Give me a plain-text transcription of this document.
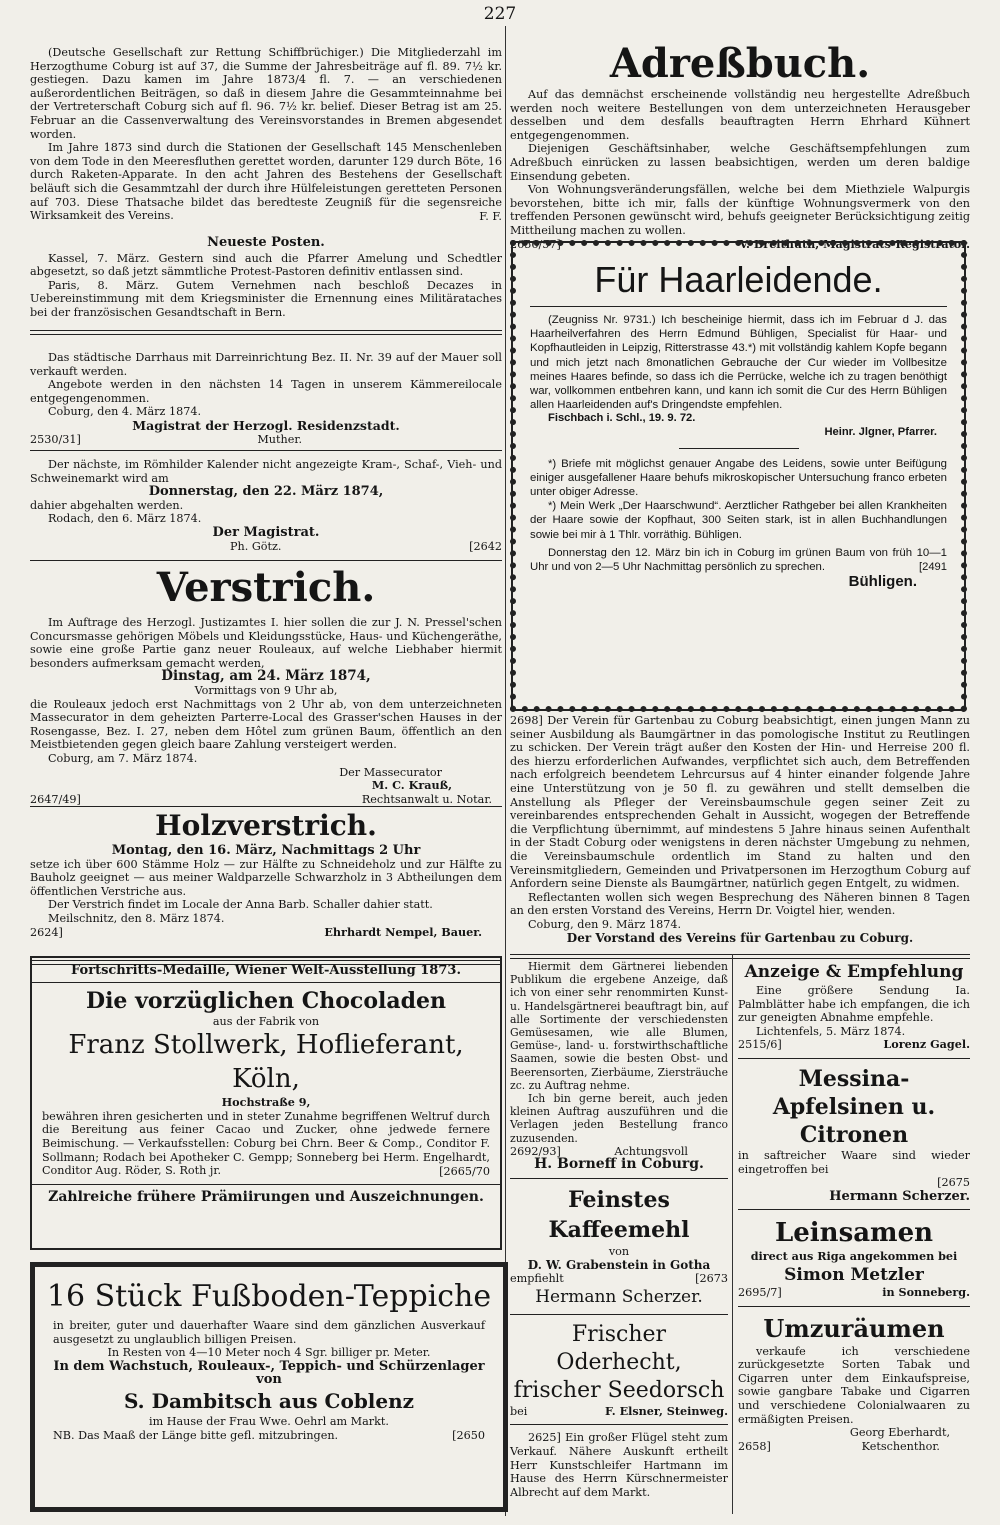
227

(Deutsche Gesellschaft zur Rettung Schiffbrüchiger.) Die Mitgliederzahl im Herzogthume Coburg ist auf 37, die Summe der Jahresbeiträge auf fl. 89. 7½ kr. gestiegen. Dazu kamen im Jahre 1873/4 fl. 7. — an verschiedenen außerordentlichen Beiträgen, so daß in diesem Jahre die Gesammteinnahme bei der Vertreterschaft Coburg sich auf fl. 96. 7½ kr. belief. Dieser Betrag ist am 25. Februar an die Cassenverwaltung des Vereinsvorstandes in Bremen abgesendet worden.

Im Jahre 1873 sind durch die Stationen der Gesellschaft 145 Menschenleben von dem Tode in den Meeresfluthen gerettet worden, darunter 129 durch Böte, 16 durch Raketen-Apparate. In den acht Jahren des Bestehens der Gesellschaft beläuft sich die Gesammtzahl der durch ihre Hülfeleistungen geretteten Personen auf 703. Diese Thatsache bildet das beredteste Zeugniß für die segensreiche Wirksamkeit des Vereins.	F. F.

Neueste Posten.

Kassel, 7. März. Gestern sind auch die Pfarrer Amelung und Schedtler abgesetzt, so daß jetzt sämmtliche Protest-Pastoren definitiv entlassen sind.

Paris, 8. März. Gutem Vernehmen nach beschloß Decazes in Uebereinstimmung mit dem Kriegsminister die Ernennung eines Militärataches bei der französischen Gesandtschaft in Bern.

Das städtische Darrhaus mit Darreinrichtung Bez. II. Nr. 39 auf der Mauer soll verkauft werden.

Angebote werden in den nächsten 14 Tagen in unserem Kämmereilocale entgegengenommen.

Coburg, den 4. März 1874.

Magistrat der Herzogl. Residenzstadt.

2530/31]	Muther.

Der nächste, im Römhilder Kalender nicht angezeigte Kram-, Schaf-, Vieh- und Schweinemarkt wird am

Donnerstag, den 22. März 1874,

dahier abgehalten werden.

Rodach, den 6. März 1874.

Der Magistrat.

Ph. Götz.	[2642

Verstrich.

Im Auftrage des Herzogl. Justizamtes I. hier sollen die zur J. N. Pressel'schen Concursmasse gehörigen Möbels und Kleidungsstücke, Haus- und Küchengeräthe, sowie eine große Partie ganz neuer Rouleaux, auf welche Liebhaber hiermit besonders aufmerksam gemacht werden,

Dinstag, am 24. März 1874,

Vormittags von 9 Uhr ab,

die Rouleaux jedoch erst Nachmittags von 2 Uhr ab, von dem unterzeichneten Massecurator in dem geheizten Parterre-Local des Grasser'schen Hauses in der Rosengasse, Bez. I. 27, neben dem Hôtel zum grünen Baum, öffentlich an den Meistbietenden gegen gleich baare Zahlung versteigert werden.

Coburg, am 7. März 1874.

Der Massecurator

M. C. Krauß,

2647/49]	Rechtsanwalt u. Notar.

Holzverstrich.

Montag, den 16. März, Nachmittags 2 Uhr

setze ich über 600 Stämme Holz — zur Hälfte zu Schneideholz und zur Hälfte zu Bauholz geeignet — aus meiner Waldparzelle Schwarzholz in 3 Abtheilungen dem öffentlichen Verstriche aus.

Der Verstrich findet im Locale der Anna Barb. Schaller dahier statt.

Meilschnitz, den 8. März 1874.

2624]	Ehrhardt Nempel, Bauer.

Fortschritts-Medaille, Wiener Welt-Ausstellung 1873.

Die vorzüglichen Chocoladen

aus der Fabrik von

Franz Stollwerk, Hoflieferant, Köln,

Hochstraße 9,

bewähren ihren gesicherten und in steter Zunahme begriffenen Weltruf durch die Bereitung aus feiner Cacao und Zucker, ohne jedwede fernere Beimischung. — Verkaufsstellen: Coburg bei Chrn. Beer & Comp., Conditor F. Sollmann; Rodach bei Apotheker C. Gempp; Sonneberg bei Herm. Engelhardt, Conditor Aug. Röder, S. Roth jr.	[2665/70

Zahlreiche frühere Prämiirungen und Auszeichnungen.

16 Stück Fußboden-Teppiche

in breiter, guter und dauerhafter Waare sind dem gänzlichen Ausverkauf ausgesetzt zu unglaublich billigen Preisen.

In Resten von 4—10 Meter noch 4 Sgr. billiger pr. Meter.

In dem Wachstuch, Rouleaux-, Teppich- und Schürzenlager von

S. Dambitsch aus Coblenz

im Hause der Frau Wwe. Oehrl am Markt.

NB. Das Maaß der Länge bitte gefl. mitzubringen.	[2650

Adreßbuch.

Auf das demnächst erscheinende vollständig neu hergestellte Adreßbuch werden noch weitere Bestellungen von dem unterzeichneten Herausgeber desselben und dem desfalls beauftragten Herrn Ehrhard Kühnert entgegengenommen.

Diejenigen Geschäftsinhaber, welche Geschäftsempfehlungen zum Adreßbuch einrücken zu lassen beabsichtigen, werden um deren baldige Einsendung gebeten.

Von Wohnungsveränderungsfällen, welche bei dem Miethziele Walpurgis bevorstehen, bitte ich mir, falls der künftige Wohnungsvermerk von den treffenden Personen gewünscht wird, behufs geeigneter Berücksichtigung zeitig Mittheilung machen zu wollen.

2656/57]	V. Breithuth, Magistrats-Registrator.

Für Haarleidende.

(Zeugniss Nr. 9731.) Ich bescheinige hiermit, dass ich im Februar d J. das Haarheilverfahren des Herrn Edmund Bühligen, Specialist für Haar- und Kopfhautleiden in Leipzig, Ritterstrasse 43.*) mit vollständig kahlem Kopfe begann und mich jetzt nach 8monatlichen Gebrauche der Cur wieder im Vollbesitze meines Haares befinde, so dass ich die Perrücke, welche ich zu tragen benöthigt war, vollkommen entbehren kann, und kann ich somit die Cur des Herrn Bühligen allen Haarleidenden auf's Dringendste empfehlen.

Fischbach i. Schl., 19. 9. 72.

Heinr. Jlgner, Pfarrer.

*) Briefe mit möglichst genauer Angabe des Leidens, sowie unter Beifügung einiger ausgefallener Haare behufs mikroskopischer Untersuchung franco erbeten unter obiger Adresse.

*) Mein Werk „Der Haarschwund“. Aerztlicher Rathgeber bei allen Krankheiten der Haare sowie der Kopfhaut, 300 Seiten stark, ist in allen Buchhandlungen sowie bei mir à 1 Thlr. vorräthig. Bühligen.

Donnerstag den 12. März bin ich in Coburg im grünen Baum von früh 10—1 Uhr und von 2—5 Uhr Nachmittag persönlich zu sprechen.	[2491

Bühligen.

2698] Der Verein für Gartenbau zu Coburg beabsichtigt, einen jungen Mann zu seiner Ausbildung als Baumgärtner in das pomologische Institut zu Reutlingen zu schicken. Der Verein trägt außer den Kosten der Hin- und Herreise 200 fl. des hierzu erforderlichen Aufwandes, verpflichtet sich auch, dem Betreffenden nach erfolgreich beendetem Lehrcursus auf 4 hinter einander folgende Jahre eine Unterstützung von je 50 fl. zu gewähren und stellt demselben die Anstellung als Pfleger der Vereinsbaumschule gegen seiner Zeit zu vereinbarendes entsprechenden Gehalt in Aussicht, wogegen der Betreffende die Verpflichtung übernimmt, auf mindestens 5 Jahre hinaus seinen Aufenthalt in der Stadt Coburg oder wenigstens in deren nächster Umgebung zu nehmen, die Vereinsbaumschule ordentlich im Stand zu halten und den Vereinsmitgliedern, Gemeinden und Privatpersonen im Herzogthum Coburg auf Anfordern seine Dienste als Baumgärtner, natürlich gegen Entgelt, zu widmen.

Reflectanten wollen sich wegen Besprechung des Näheren binnen 8 Tagen an den ersten Vorstand des Vereins, Herrn Dr. Voigtel hier, wenden.

Coburg, den 9. März 1874.

Der Vorstand des Vereins für Gartenbau zu Coburg.

Hiermit dem Gärtnerei liebenden Publikum die ergebene Anzeige, daß ich von einer sehr renommirten Kunst- u. Handelsgärtnerei beauftragt bin, auf alle Sortimente der verschiedensten Gemüsesamen, wie alle Blumen, Gemüse-, land- u. forstwirthschaftliche Saamen, sowie die besten Obst- und Beerensorten, Zierbäume, Ziersträuche zc. zu Auftrag nehme.

Ich bin gerne bereit, auch jeden kleinen Auftrag auszuführen und die Verlagen jeden Bestellung franco zuzusenden.

2692/93]	Achtungsvoll

H. Borneff in Coburg.

Feinstes Kaffeemehl

von

D. W. Grabenstein in Gotha

empfiehlt	[2673

Hermann Scherzer.

Frischer Oderhecht,

frischer Seedorsch

bei	F. Elsner, Steinweg.

2625] Ein großer Flügel steht zum Verkauf. Nähere Auskunft ertheilt Herr Kunstschleifer Hartmann im Hause des Herrn Kürschnermeister Albrecht auf dem Markt.

Anzeige & Empfehlung

Eine größere Sendung Ia. Palmblätter habe ich empfangen, die ich zur geneigten Abnahme empfehle.

Lichtenfels, 5. März 1874.

2515/6]	Lorenz Gagel.

Messina-Apfelsinen u. Citronen

in saftreicher Waare sind wieder eingetroffen bei

[2675

Hermann Scherzer.

Leinsamen

direct aus Riga angekommen bei

Simon Metzler

2695/7]	in Sonneberg.

Umzuräumen

verkaufe ich verschiedene zurückgesetzte Sorten Tabak und Cigarren unter dem Einkaufspreise, sowie gangbare Tabake und Cigarren und verschiedene Colonialwaaren zu ermäßigten Preisen.

Georg Eberhardt,

2658]	Ketschenthor.
